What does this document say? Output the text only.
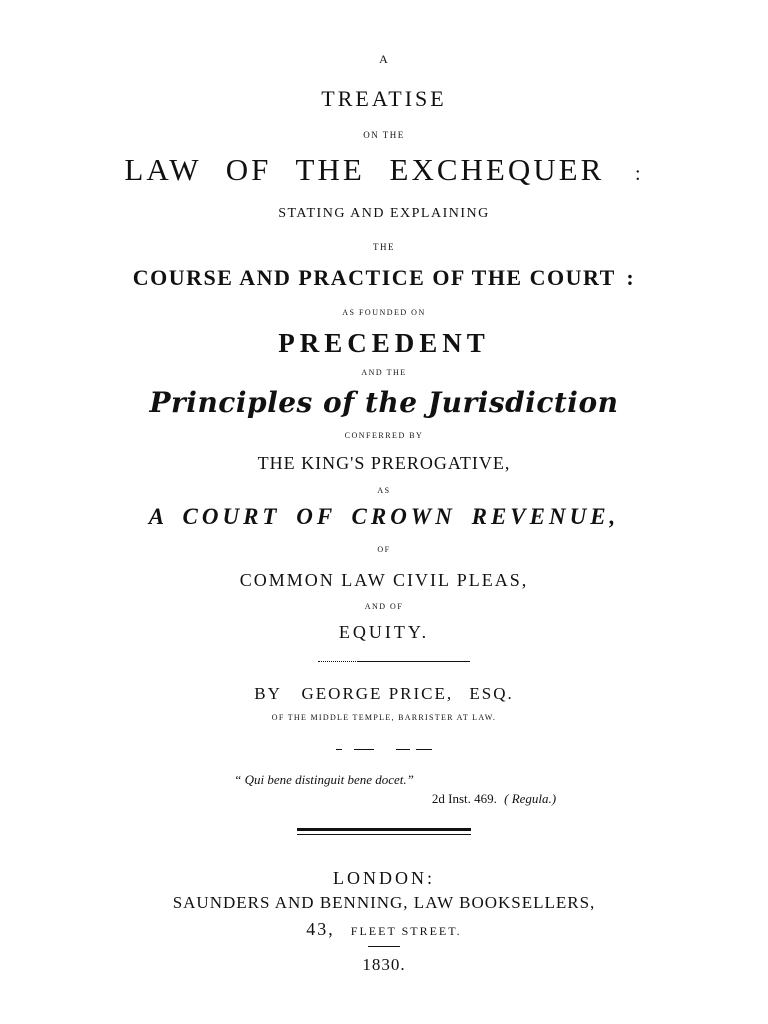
A
TREATISE
ON THE
LAW OF THE EXCHEQUER :
STATING AND EXPLAINING
THE
COURSE AND PRACTICE OF THE COURT :
AS FOUNDED ON
PRECEDENT
AND THE
Principles of the Jurisdiction
CONFERRED BY
THE KING'S PREROGATIVE,
AS
A COURT OF CROWN REVENUE,
OF
COMMON LAW CIVIL PLEAS,
AND OF
EQUITY.
BY GEORGE PRICE, ESQ.
OF THE MIDDLE TEMPLE, BARRISTER AT LAW.
“ Qui bene distinguit bene docet.”
2d Inst. 469. ( Regula.)
LONDON:
SAUNDERS AND BENNING, LAW BOOKSELLERS,
43, FLEET STREET.
1830.
